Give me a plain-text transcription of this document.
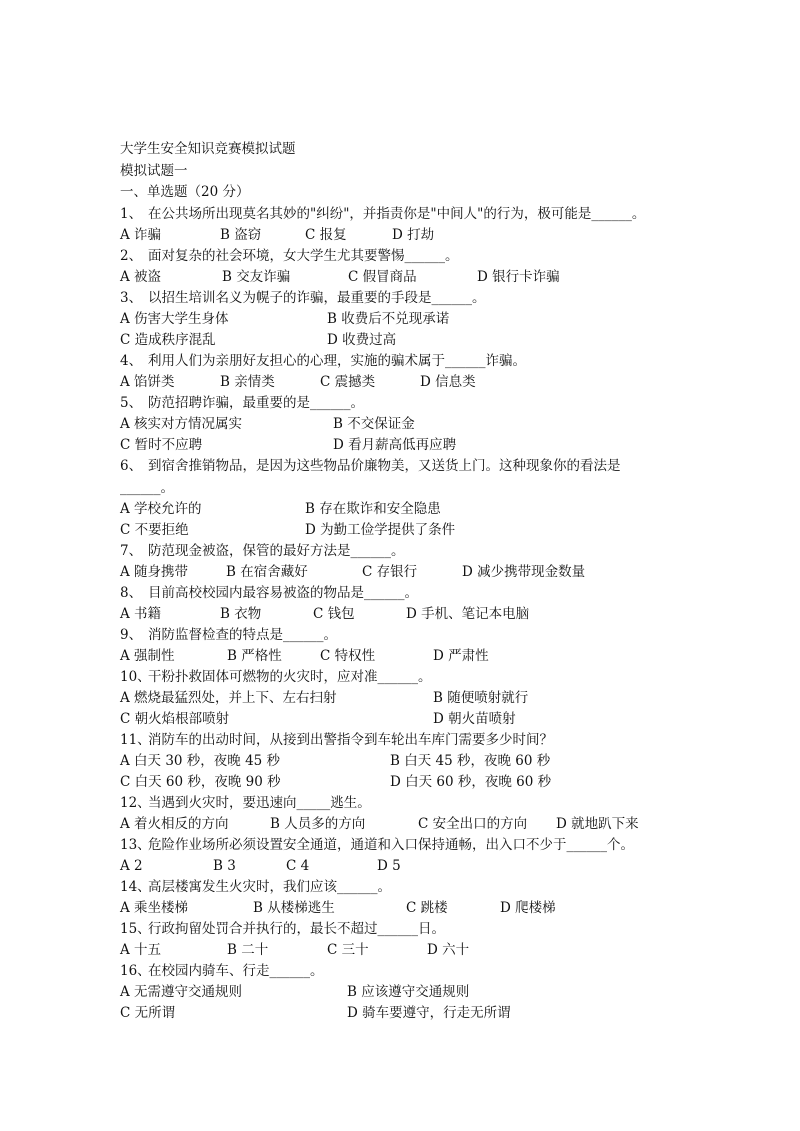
大学生安全知识竞赛模拟试题
模拟试题一
一、单选题（20 分）
1、 在公共场所出现莫名其妙的"纠纷"，并指责你是"中间人"的行为，极可能是______。
A 诈骗	B 盗窃	C 报复	D 打劫
2、 面对复杂的社会环境，女大学生尤其要警惕______。
A 被盗	B 交友诈骗	C 假冒商品	D 银行卡诈骗
3、 以招生培训名义为幌子的诈骗，最重要的手段是______。
A 伤害大学生身体	B 收费后不兑现承诺
C 造成秩序混乱	D 收费过高
4、 利用人们为亲朋好友担心的心理，实施的骗术属于______诈骗。
A 馅饼类	B 亲情类	C 震撼类	D 信息类
5、 防范招聘诈骗，最重要的是______。
A 核实对方情况属实	B 不交保证金
C 暂时不应聘	D 看月薪高低再应聘
6、 到宿舍推销物品，是因为这些物品价廉物美，又送货上门。这种现象你的看法是
______。
A 学校允许的	B 存在欺诈和安全隐患
C 不要拒绝	D 为勤工俭学提供了条件
7、 防范现金被盗，保管的最好方法是______。
A 随身携带	B 在宿舍藏好	C 存银行	D 减少携带现金数量
8、 目前高校校园内最容易被盗的物品是______。
A 书籍	B 衣物	C 钱包	D 手机、笔记本电脑
9、 消防监督检查的特点是______。
A 强制性	B 严格性	C 特权性	D 严肃性
10、干粉扑救固体可燃物的火灾时，应对准______。
A 燃烧最猛烈处，并上下、左右扫射	B 随便喷射就行
C 朝火焰根部喷射	D 朝火苗喷射
11、消防车的出动时间，从接到出警指令到车轮出车库门需要多少时间？
A 白天 30 秒，夜晚 45 秒	B 白天 45 秒，夜晚 60 秒
C 白天 60 秒，夜晚 90 秒	D 白天 60 秒，夜晚 60 秒
12、当遇到火灾时，要迅速向_____逃生。
A 着火相反的方向	B 人员多的方向	C 安全出口的方向 D 就地趴下来
13、危险作业场所必须设置安全通道，通道和入口保持通畅，出入口不少于______个。
A 2	B 3	C 4	D 5
14、高层楼寓发生火灾时，我们应该______。
A 乘坐楼梯	B 从楼梯逃生	C 跳楼	D 爬楼梯
15、行政拘留处罚合并执行的，最长不超过______日。
A 十五	B 二十	C 三十	D 六十
16、在校园内骑车、行走______。
A 无需遵守交通规则	B 应该遵守交通规则
C 无所谓	D 骑车要遵守，行走无所谓
